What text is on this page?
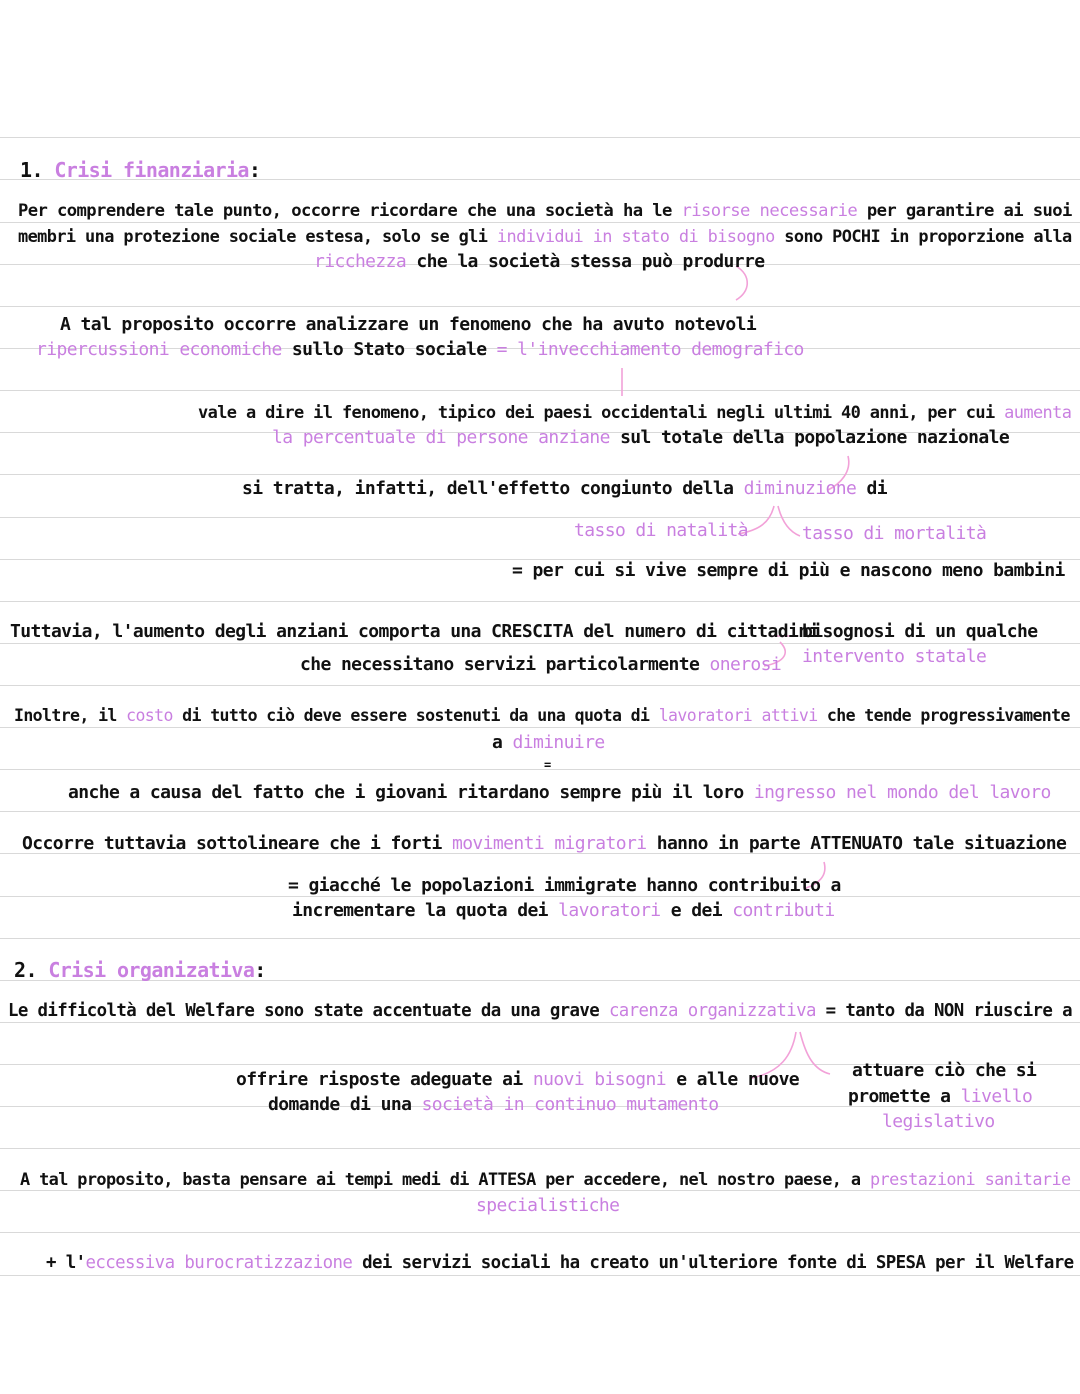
1. Crisi finanziaria:
Per comprendere tale punto, occorre ricordare che una società ha le risorse necessarie per garantire ai suoi
membri una protezione sociale estesa, solo se gli individui in stato di bisogno sono POCHI in proporzione alla
ricchezza che la società stessa può produrre
A tal proposito occorre analizzare un fenomeno che ha avuto notevoli
ripercussioni economiche sullo Stato sociale = l'invecchiamento demografico
vale a dire il fenomeno, tipico dei paesi occidentali negli ultimi 40 anni, per cui aumenta
la percentuale di persone anziane sul totale della popolazione nazionale
si tratta, infatti, dell'effetto congiunto della diminuzione di
tasso di natalità	tasso di mortalità
= per cui si vive sempre di più e nascono meno bambini
Tuttavia, l'aumento degli anziani comporta una CRESCITA del numero di cittadini
bisognosi di un qualche
intervento statale
che necessitano servizi particolarmente onerosi
Inoltre, il costo di tutto ciò deve essere sostenuti da una quota di lavoratori attivi che tende progressivamente
a diminuire
=
anche a causa del fatto che i giovani ritardano sempre più il loro ingresso nel mondo del lavoro
Occorre tuttavia sottolineare che i forti movimenti migratori hanno in parte ATTENUATO tale situazione
= giacché le popolazioni immigrate hanno contribuito a
incrementare la quota dei lavoratori e dei contributi
2. Crisi organizativa:
Le difficoltà del Welfare sono state accentuate da una grave carenza organizzativa = tanto da NON riuscire a
offrire risposte adeguate ai nuovi bisogni e alle nuove
domande di una società in continuo mutamento
attuare ciò che si
promette a livello
legislativo
A tal proposito, basta pensare ai tempi medi di ATTESA per accedere, nel nostro paese, a prestazioni sanitarie
specialistiche
+ l'eccessiva burocratizzazione dei servizi sociali ha creato un'ulteriore fonte di SPESA per il Welfare
